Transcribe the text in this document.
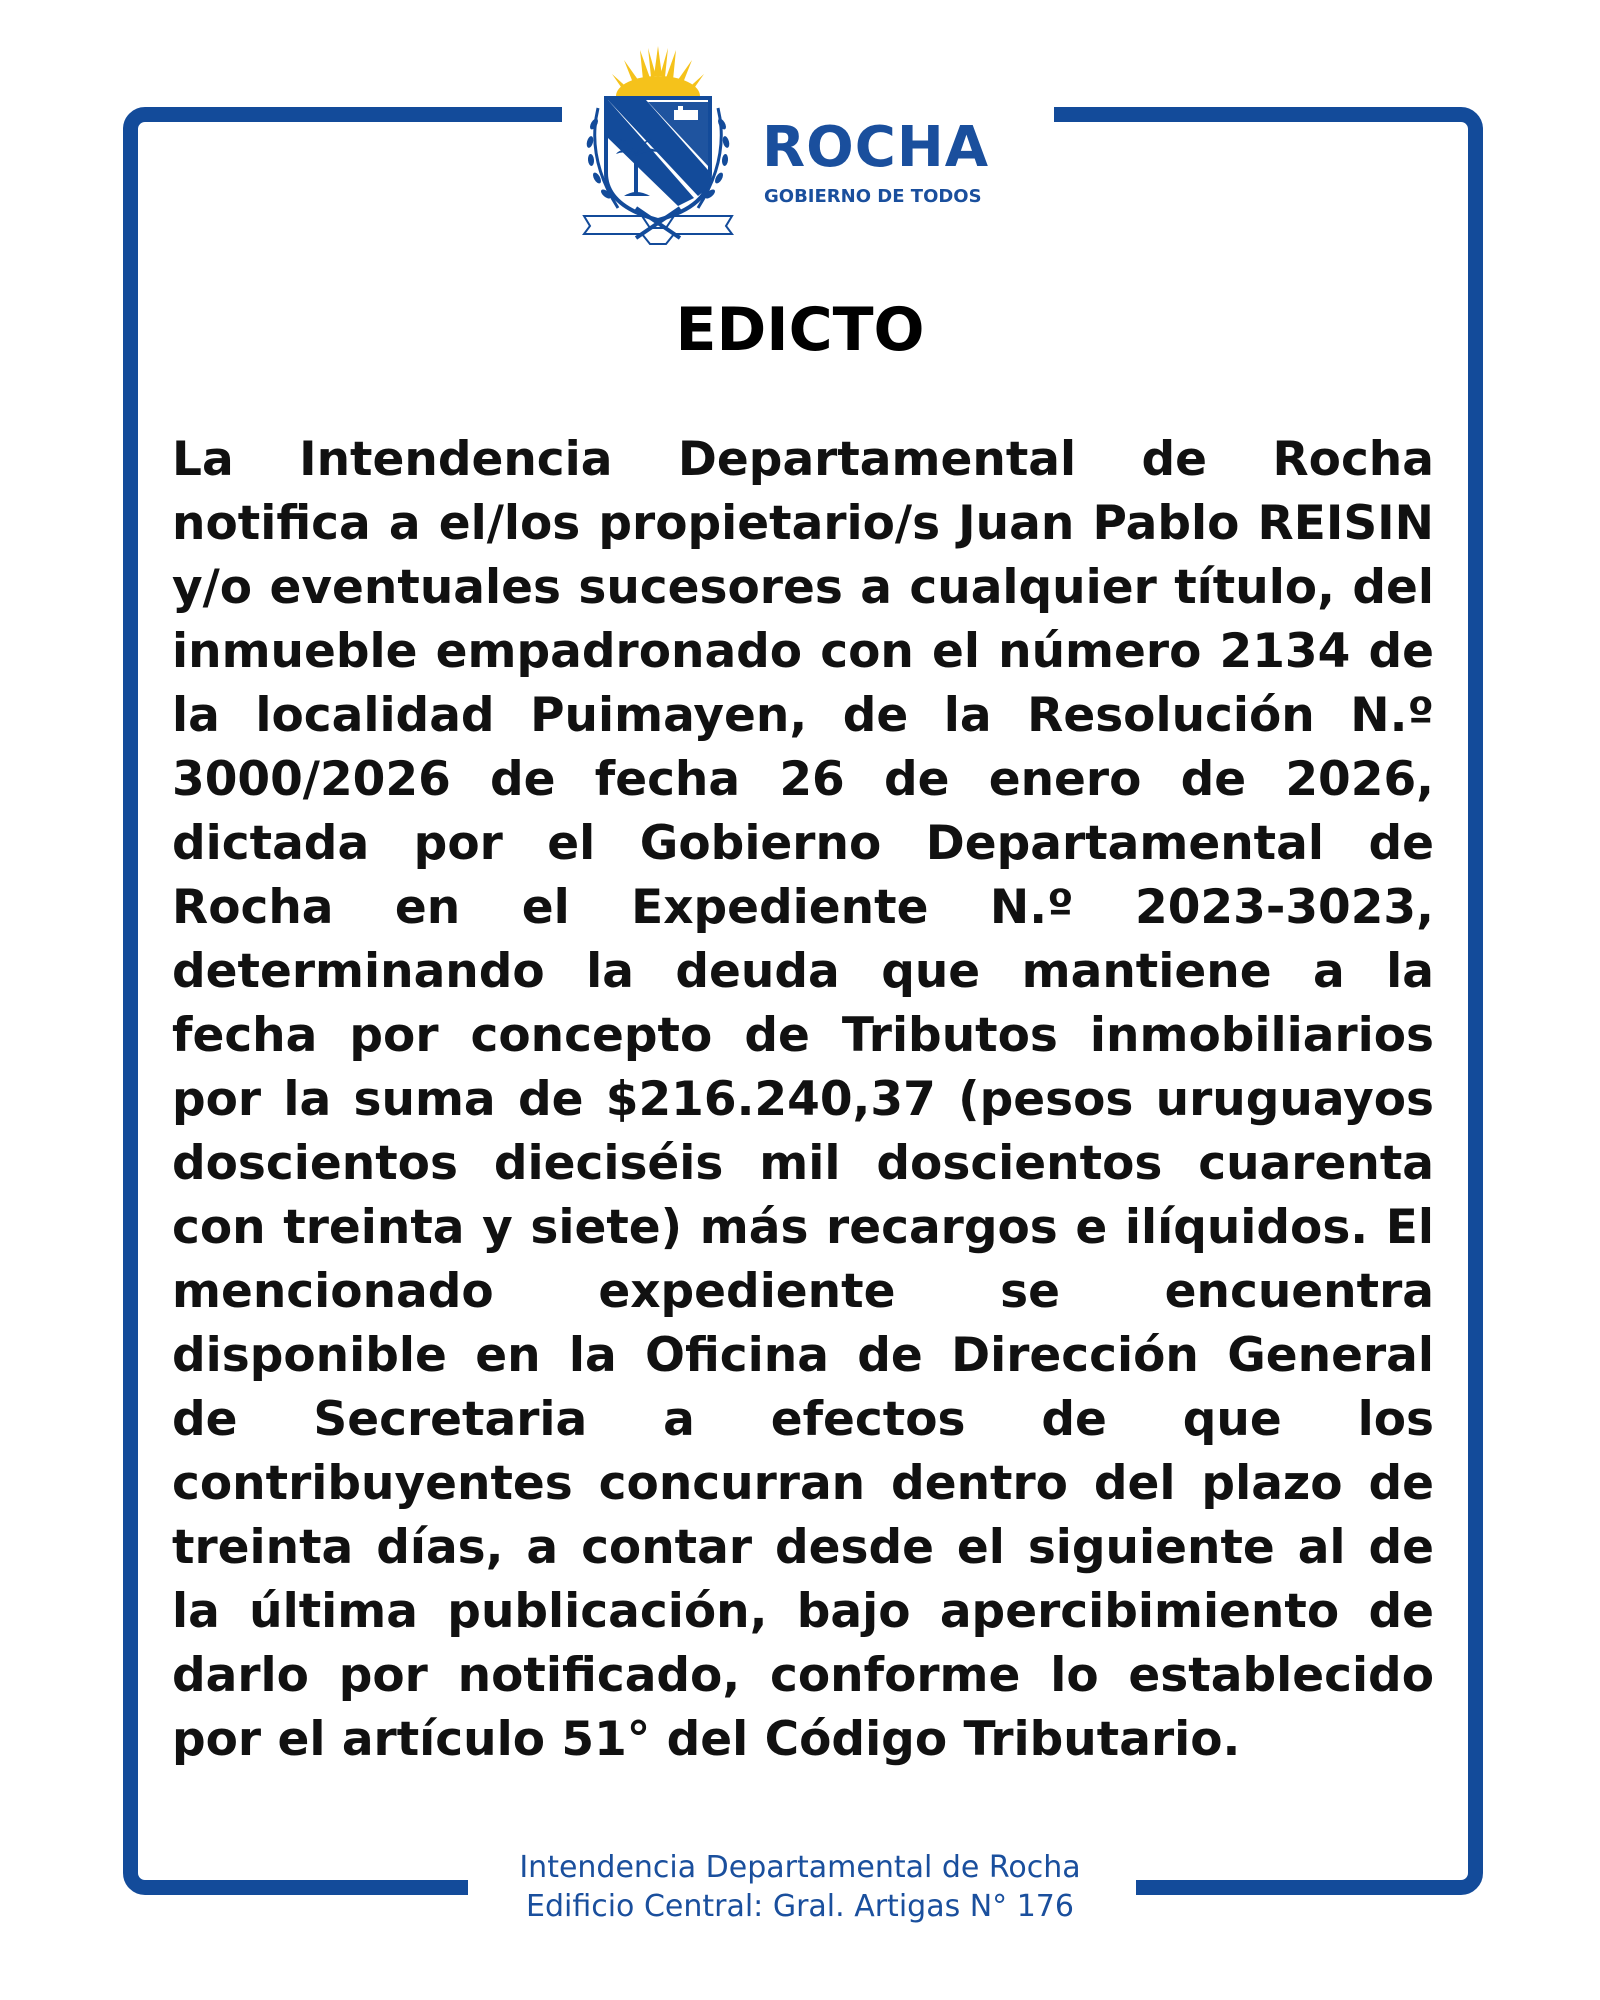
ROCHA
GOBIERNO DE TODOS
EDICTO
La Intendencia Departamental de Rocha notifica a el/los propietario/s Juan Pablo REISIN y/o eventuales sucesores a cualquier título, del inmueble empadronado con el número 2134 de la localidad Puimayen, de la Resolución N.º 3000/2026 de fecha 26 de enero de 2026, dictada por el Gobierno Departamental de Rocha en el Expediente N.º 2023-3023, determinando la deuda que mantiene a la fecha por concepto de Tributos inmobiliarios por la suma de $216.240,37 (pesos uruguayos doscientos dieciséis mil doscientos cuarenta con treinta y siete) más recargos e ilíquidos. El mencionado expediente se encuentra disponible en la Oficina de Dirección General de Secretaria a efectos de que los contribuyentes concurran dentro del plazo de treinta días, a contar desde el siguiente al de la última publicación, bajo apercibimiento de darlo por notificado, conforme lo establecido por el artículo 51° del Código Tributario.
Intendencia Departamental de Rocha
Edificio Central: Gral. Artigas N° 176
